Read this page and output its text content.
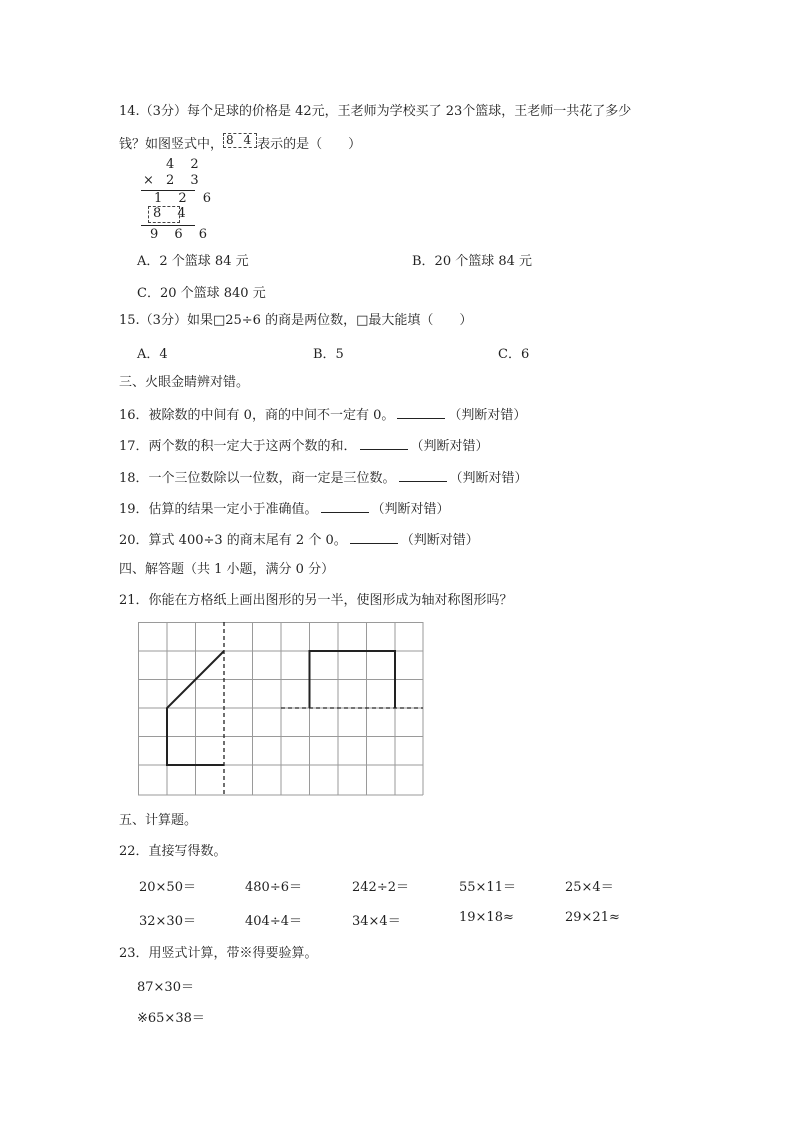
14.（3分）每个足球的价格是 42元，王老师为学校买了 23个篮球，王老师一共花了多少
钱？如图竖式中， 8 4 表示的是（　　）
4 2
× 2 3
1 2 6
8 4
9 6 6
A．2 个篮球 84 元	B．20 个篮球 84 元
C．20 个篮球 840 元
15.（3分）如果□25÷6 的商是两位数，□最大能填（　　）
A．4	B．5	C．6
三、火眼金睛辨对错。
16．被除数的中间有 0，商的中间不一定有 0。	（判断对错）
17．两个数的积一定大于这两个数的和．	（判断对错）
18．一个三位数除以一位数，商一定是三位数。	（判断对错）
19．估算的结果一定小于准确值。	（判断对错）
20．算式 400÷3 的商末尾有 2 个 0。	（判断对错）
四、解答题（共 1 小题，满分 0 分）
21．你能在方格纸上画出图形的另一半，使图形成为轴对称图形吗？
五、计算题。
22．直接写得数。
20×50＝	480÷6＝	242÷2＝	55×11＝	25×4＝
32×30＝	404÷4＝	34×4＝	19×18≈	29×21≈
23．用竖式计算，带※得要验算。
87×30＝
※65×38＝
